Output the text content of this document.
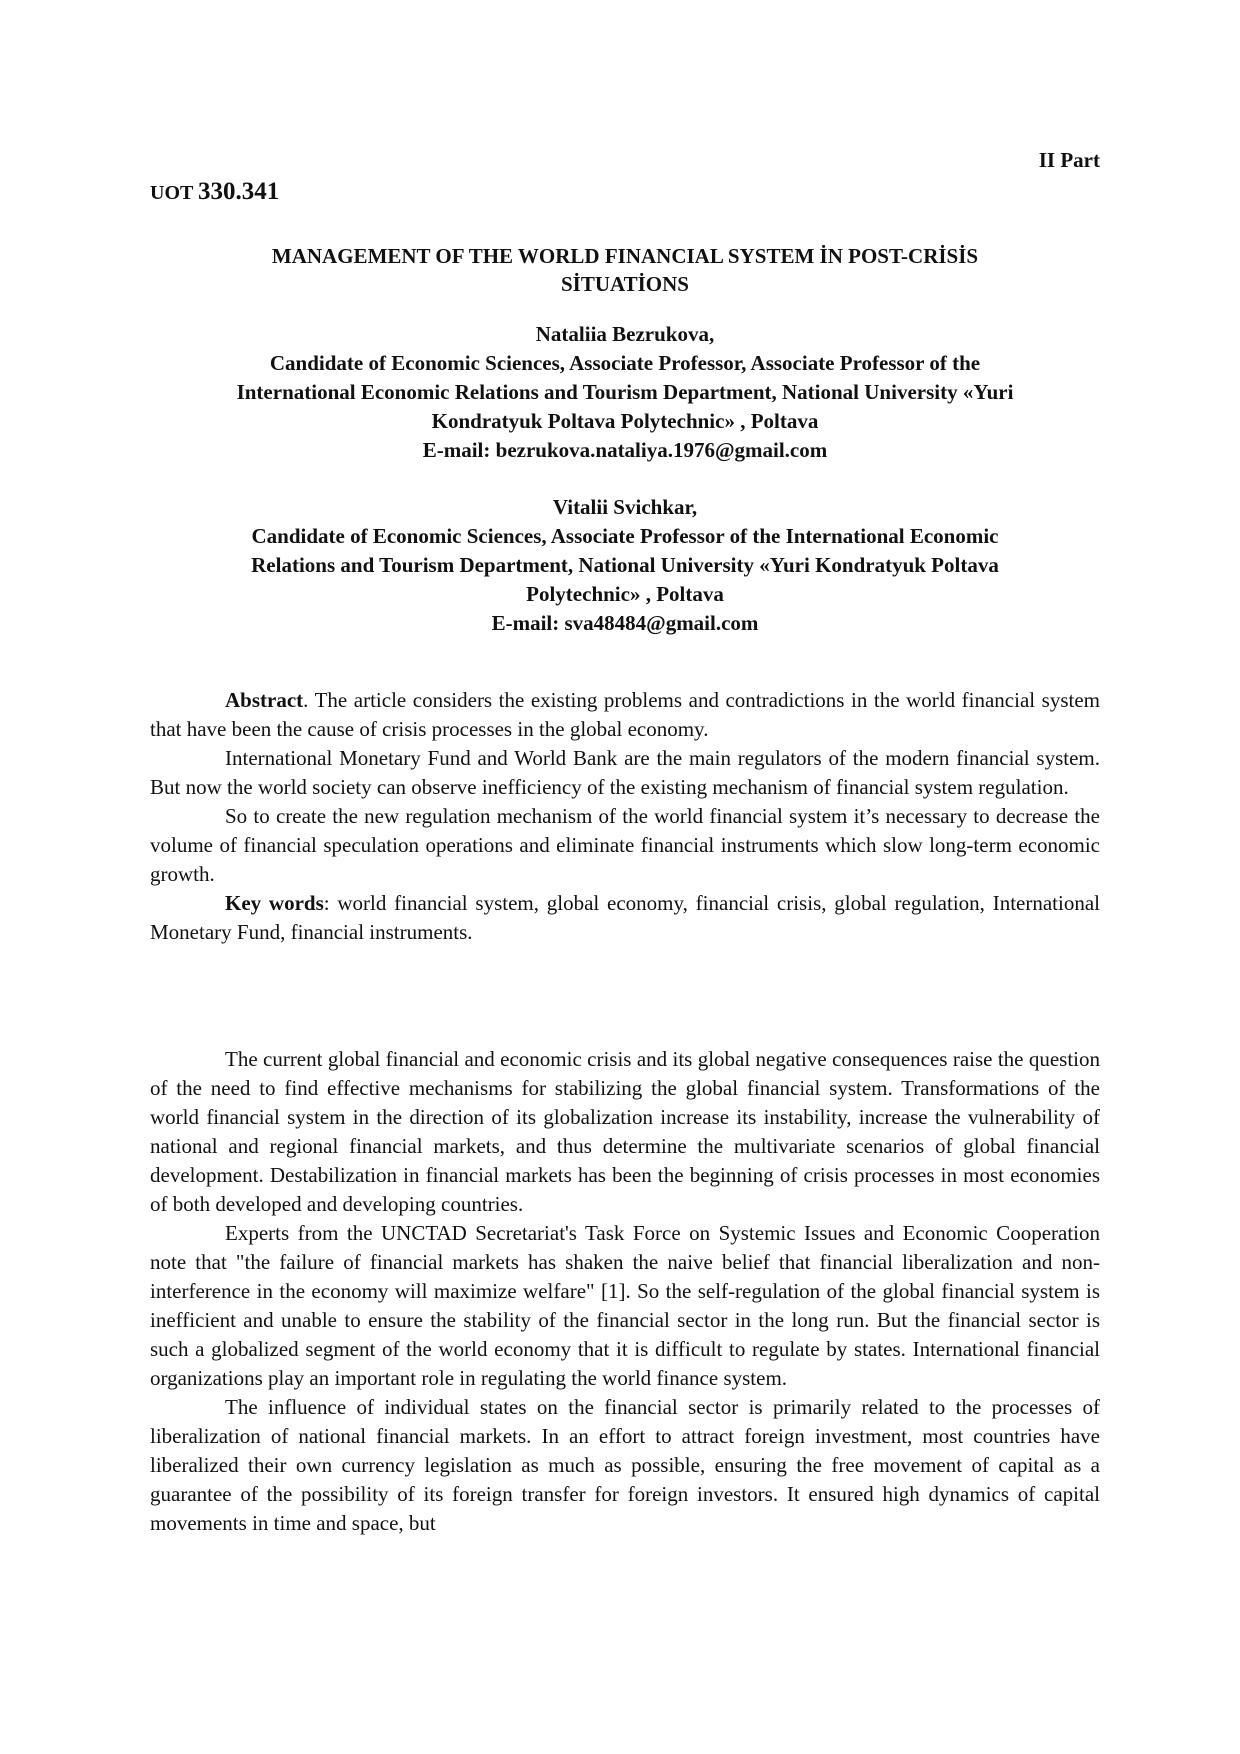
II Part
UOT 330.341
MANAGEMENT OF THE WORLD FINANCIAL SYSTEM İN POST-CRİSİS
SİTUATİONS
Nataliia Bezrukova,
Candidate of Economic Sciences, Associate Professor, Associate Professor of the
International Economic Relations and Tourism Department, National University «Yuri
Kondratyuk Poltava Polytechnic» , Poltava
E-mail: bezrukova.nataliya.1976@gmail.com
Vitalii Svichkar,
Candidate of Economic Sciences, Associate Professor of the International Economic
Relations and Tourism Department, National University «Yuri Kondratyuk Poltava
Polytechnic» , Poltava
E-mail: sva48484@gmail.com

Abstract. The article considers the existing problems and contradictions in the world financial system that have been the cause of crisis processes in the global economy.

International Monetary Fund and World Bank are the main regulators of the modern financial system. But now the world society can observe inefficiency of the existing mechanism of financial system regulation.

So to create the new regulation mechanism of the world financial system it’s necessary to decrease the volume of financial speculation operations and eliminate financial instruments which slow long-term economic growth.

Key words: world financial system, global economy, financial crisis, global regulation, International Monetary Fund, financial instruments.

The current global financial and economic crisis and its global negative consequences raise the question of the need to find effective mechanisms for stabilizing the global financial system. Transformations of the world financial system in the direction of its globalization increase its instability, increase the vulnerability of national and regional financial markets, and thus determine the multivariate scenarios of global financial development. Destabilization in financial markets has been the beginning of crisis processes in most economies of both developed and developing countries.

Experts from the UNCTAD Secretariat's Task Force on Systemic Issues and Economic Cooperation note that "the failure of financial markets has shaken the naive belief that financial liberalization and non-interference in the economy will maximize welfare" [1]. So the self-regulation of the global financial system is inefficient and unable to ensure the stability of the financial sector in the long run. But the financial sector is such a globalized segment of the world economy that it is difficult to regulate by states. International financial organizations play an important role in regulating the world finance system.

The influence of individual states on the financial sector is primarily related to the processes of liberalization of national financial markets. In an effort to attract foreign investment, most countries have liberalized their own currency legislation as much as possible, ensuring the free movement of capital as a guarantee of the possibility of its foreign transfer for foreign investors. It ensured high dynamics of capital movements in time and space, but
